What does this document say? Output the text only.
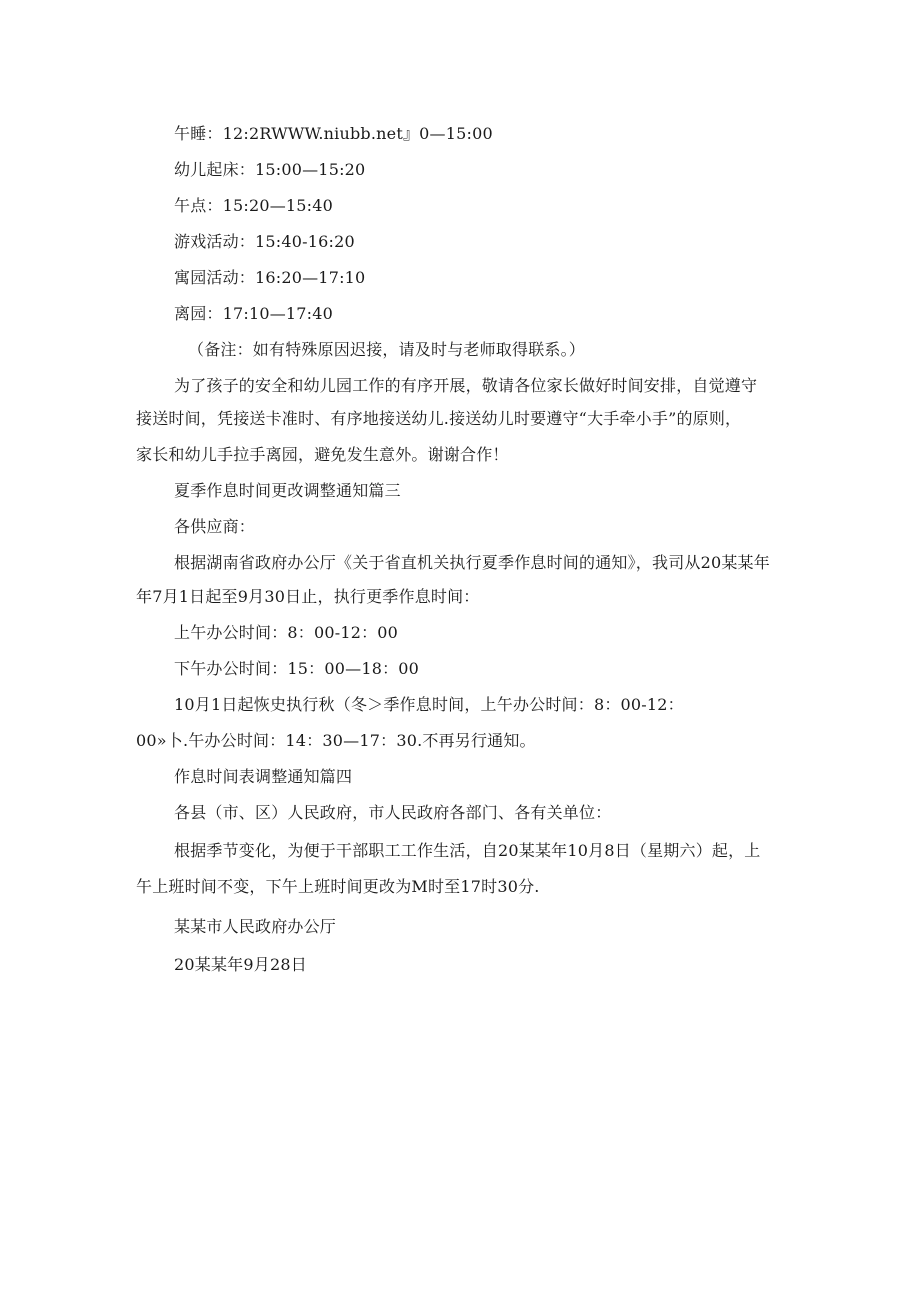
午睡：12:2RWWW.niubb.net』0—15:00
幼儿起床：15:00—15:20
午点：15:20—15:40
游戏活动：15:40-16:20
寓园活动：16:20—17:10
离园：17:10—17:40
（备注：如有特殊原因迟接，请及时与老师取得联系。）
为了孩子的安全和幼儿园工作的有序开展，敬请各位家长做好时间安排，自觉遵守
接送时间，凭接送卡准时、有序地接送幼儿.接送幼儿时要遵守“大手牵小手”的原则，
家长和幼儿手拉手离园，避免发生意外。谢谢合作！
夏季作息时间更改调整通知篇三
各供应商：
根据湖南省政府办公厅《关于省直机关执行夏季作息时间的通知》，我司从20某某年
年7月1日起至9月30日止，执行更季作息时间：
上午办公时间：8：00-12：00
下午办公时间：15：00—18：00
10月1日起恢史执行秋（冬＞季作息时间，上午办公时间：8：00-12：
00»卜.午办公时间：14：30—17：30.不再另行通知。
作息时间表调整通知篇四
各县（市、区）人民政府，市人民政府各部门、各有关单位：
根据季节变化，为便于干部职工工作生活，自20某某年10月8日（星期六）起，上
午上班时间不变，下午上班时间更改为M时至17时30分.
某某市人民政府办公厅
20某某年9月28日
